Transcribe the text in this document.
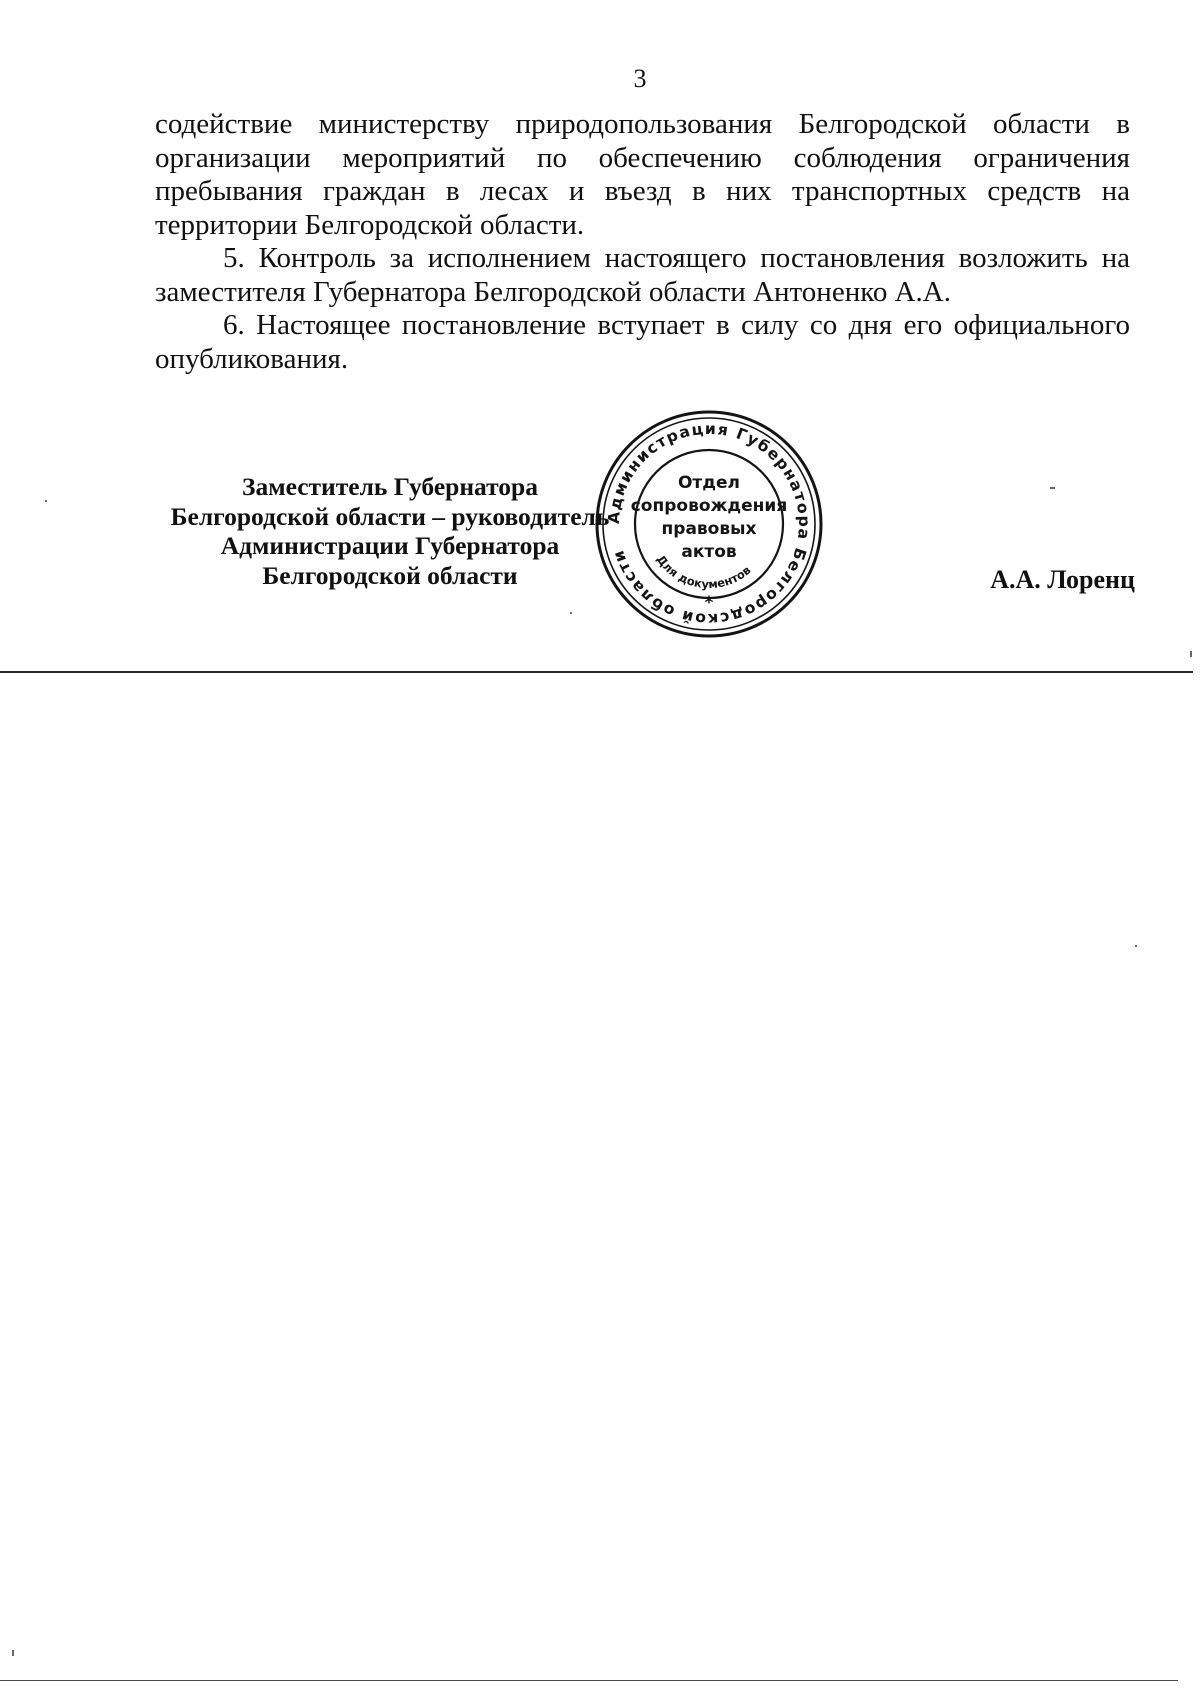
3

содействие министерству природопользования Белгородской области в организации мероприятий по обеспечению соблюдения ограничения пребывания граждан в лесах и въезд в них транспортных средств на территории Белгородской области.

5. Контроль за исполнением настоящего постановления возложить на заместителя Губернатора Белгородской области Антоненко А.А.

6. Настоящее постановление вступает в силу со дня его официального опубликования.

Заместитель Губернатора
Белгородской области – руководитель
Администрации Губернатора
Белгородской области
Администрация Губернатора Белгородской области	Для документов
Отдел
сопровождения
правовых
актов
*
А.А. Лоренц
